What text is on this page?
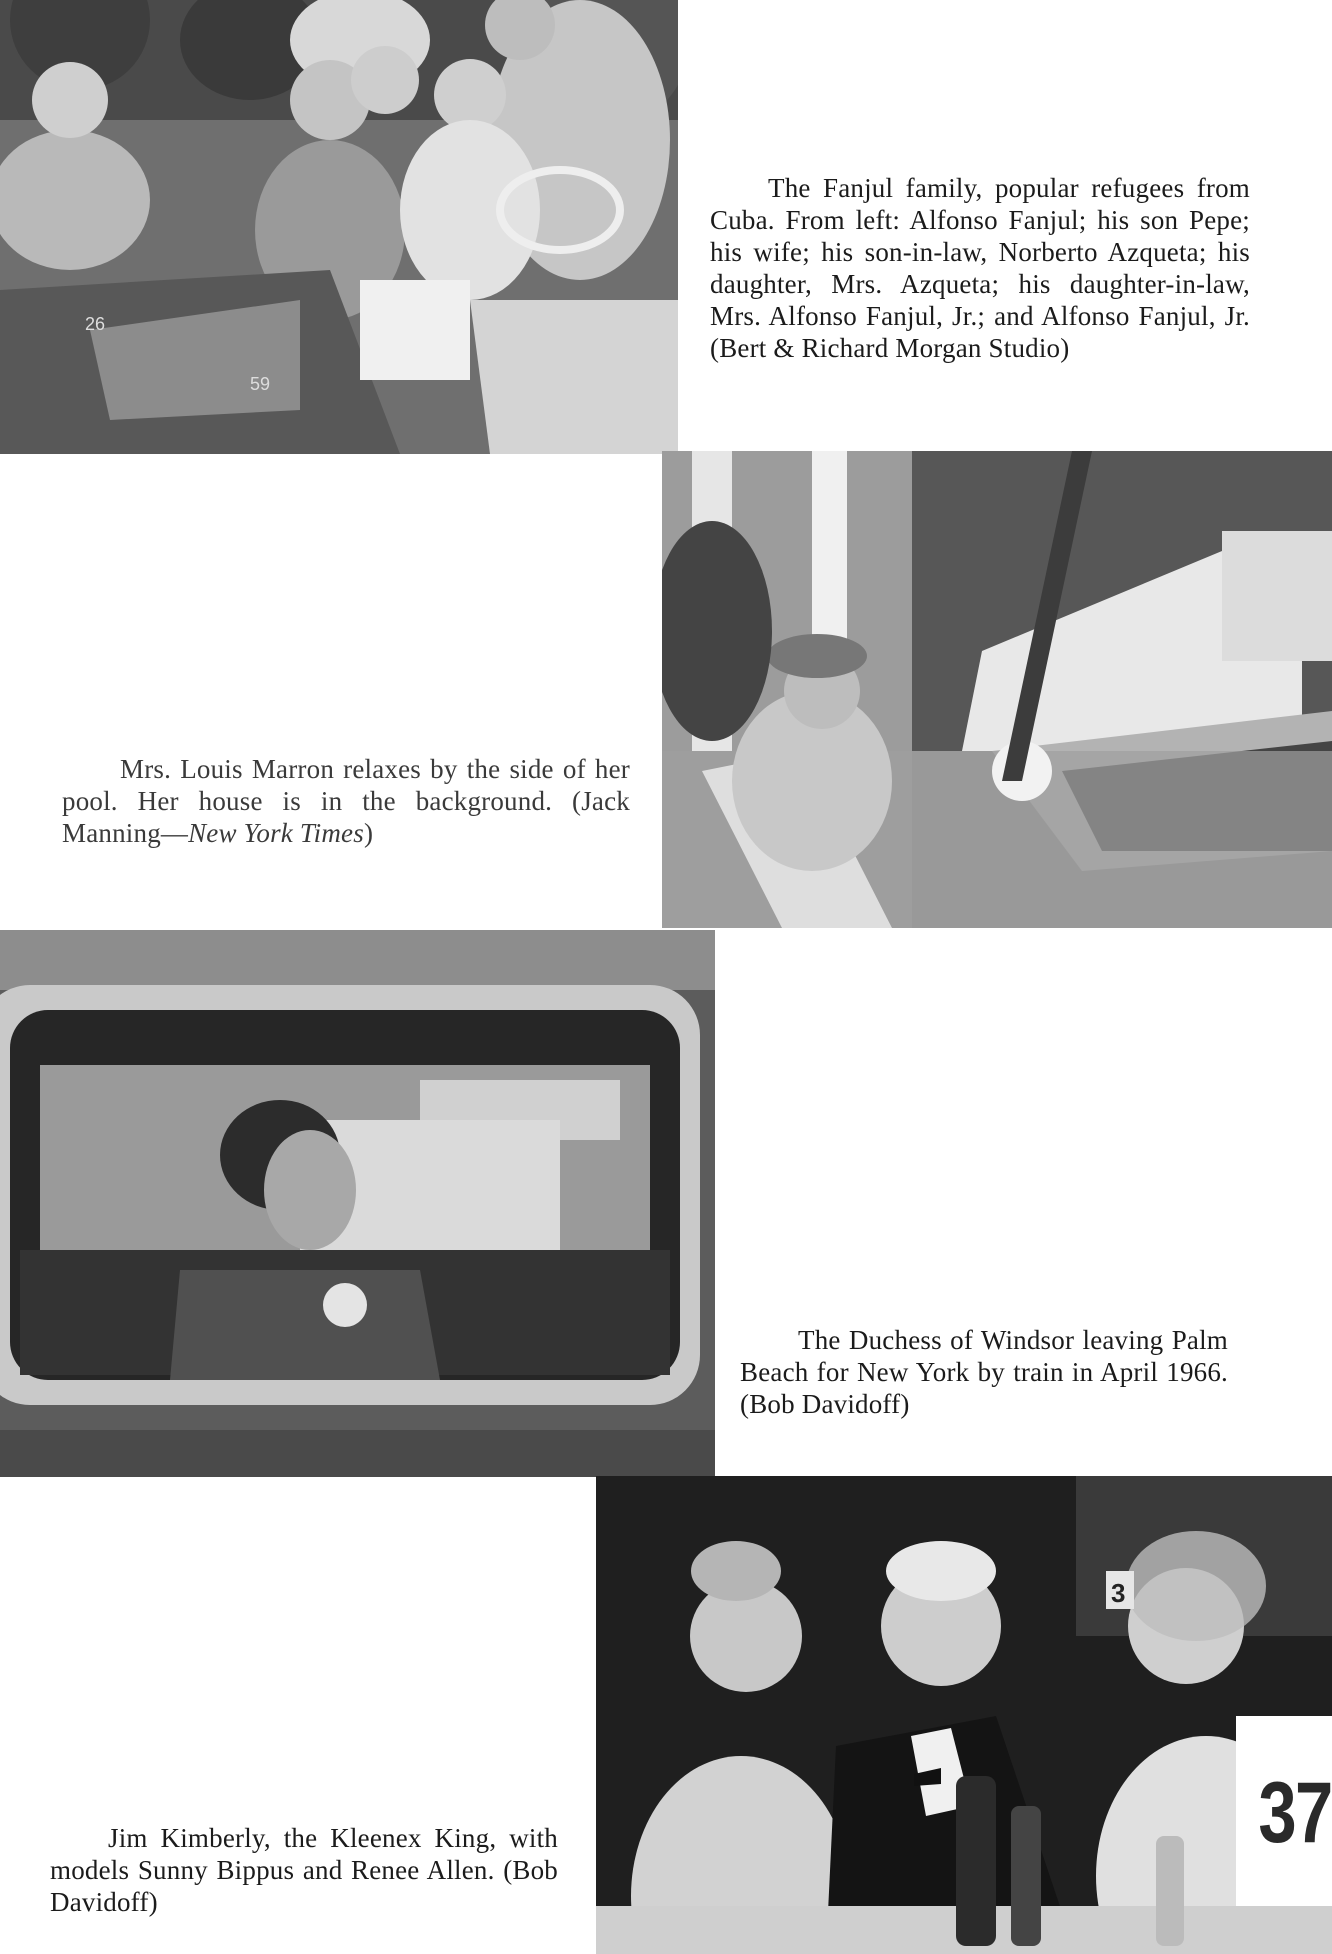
26
59
The Fanjul family, popular refugees from Cuba. From left: Alfonso Fanjul; his son Pepe; his wife; his son-in-law, Norberto Azqueta; his daughter, Mrs. Azqueta; his daughter-in-law, Mrs. Alfonso Fanjul, Jr.; and Alfonso Fanjul, Jr. (Bert & Richard Morgan Studio)
Mrs. Louis Marron relaxes by the side of her pool. Her house is in the background. (Jack Manning—New York Times)
The Duchess of Windsor leaving Palm Beach for New York by train in April 1966. (Bob Davidoff)
3
Jim Kimberly, the Kleenex King, with models Sunny Bippus and Renee Allen. (Bob Davidoff)
37
